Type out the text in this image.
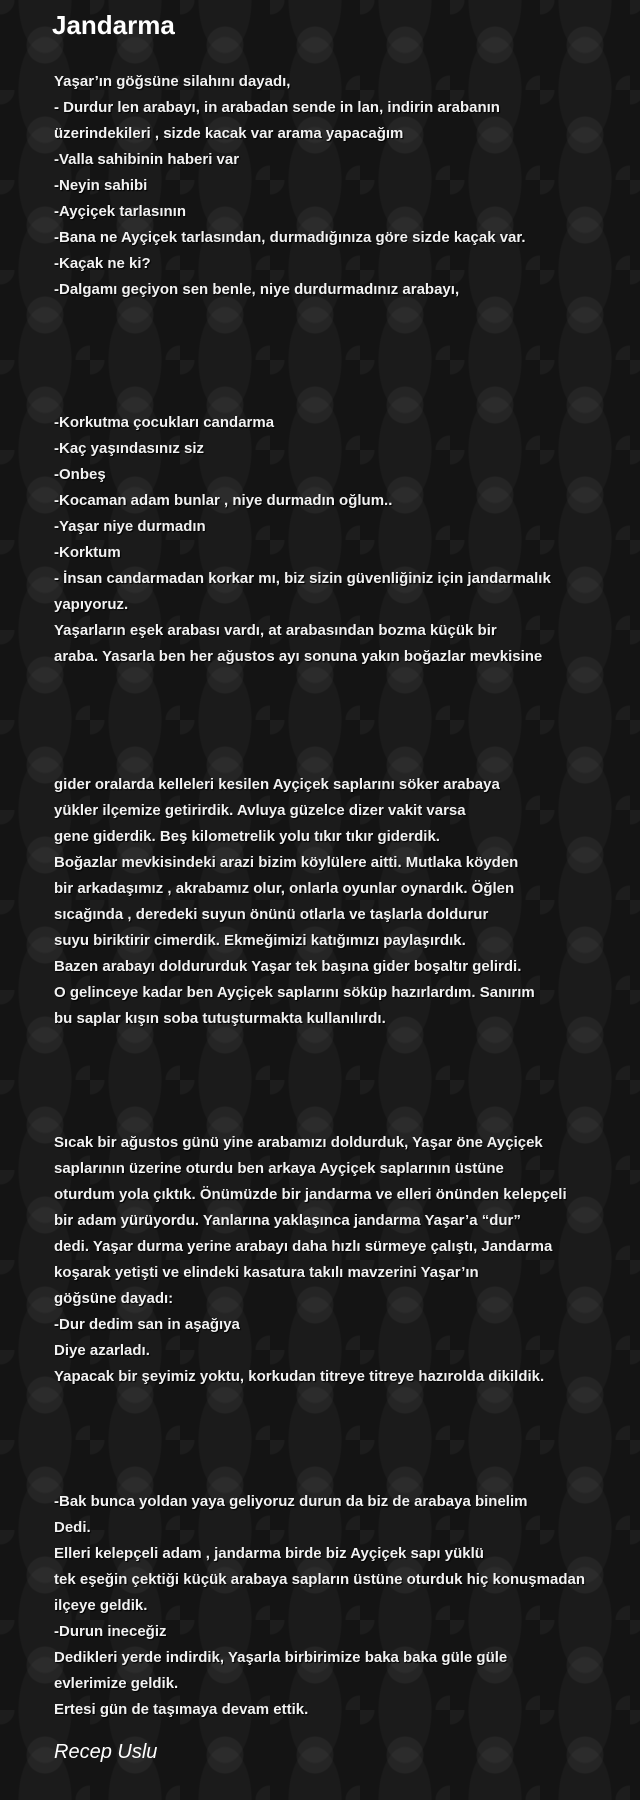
Jandarma
Yaşar’ın göğsüne silahını dayadı,
- Durdur len arabayı, in arabadan sende in lan, indirin arabanın
üzerindekileri , sizde kacak var arama yapacağım
-Valla sahibinin haberi var
-Neyin sahibi
-Ayçiçek tarlasının
-Bana ne Ayçiçek tarlasından, durmadığınıza göre sizde kaçak var.
-Kaçak ne ki?
-Dalgamı geçiyon sen benle, niye durdurmadınız arabayı,
-Korkutma çocukları candarma
-Kaç yaşındasınız siz
-Onbeş
-Kocaman adam bunlar , niye durmadın oğlum..
-Yaşar niye durmadın
-Korktum
- İnsan candarmadan korkar mı, biz sizin güvenliğiniz için jandarmalık
yapıyoruz.
Yaşarların eşek arabası vardı, at arabasından bozma küçük bir
araba. Yasarla ben her ağustos ayı sonuna yakın boğazlar mevkisine
gider oralarda kelleleri kesilen Ayçiçek saplarını söker arabaya
yükler ilçemize getirirdik. Avluya güzelce dizer vakit varsa
gene giderdik. Beş kilometrelik yolu tıkır tıkır giderdik.
Boğazlar mevkisindeki arazi bizim köylülere aitti. Mutlaka köyden
bir arkadaşımız , akrabamız olur, onlarla oyunlar oynardık. Öğlen
sıcağında , deredeki suyun önünü otlarla ve taşlarla doldurur
suyu biriktirir cimerdik. Ekmeğimizi katığımızı paylaşırdık.
Bazen arabayı doldururduk Yaşar tek başına gider boşaltır gelirdi.
O gelinceye kadar ben Ayçiçek saplarını söküp hazırlardım. Sanırım
bu saplar kışın soba tutuşturmakta kullanılırdı.
Sıcak bir ağustos günü yine arabamızı doldurduk, Yaşar öne Ayçiçek
saplarının üzerine oturdu ben arkaya Ayçiçek saplarının üstüne
oturdum yola çıktık. Önümüzde bir jandarma ve elleri önünden kelepçeli
bir adam yürüyordu. Yanlarına yaklaşınca jandarma Yaşar’a “dur”
dedi. Yaşar durma yerine arabayı daha hızlı sürmeye çalıştı, Jandarma
koşarak yetişti ve elindeki kasatura takılı mavzerini Yaşar’ın
göğsüne dayadı:
-Dur dedim san in aşağıya
Diye azarladı.
Yapacak bir şeyimiz yoktu, korkudan titreye titreye hazırolda dikildik.
-Bak bunca yoldan yaya geliyoruz durun da biz de arabaya binelim
Dedi.
Elleri kelepçeli adam , jandarma birde biz Ayçiçek sapı yüklü
tek eşeğin çektiği küçük arabaya sapların üstüne oturduk hiç konuşmadan
ilçeye geldik.
-Durun ineceğiz
Dedikleri yerde indirdik, Yaşarla birbirimize baka baka güle güle
evlerimize geldik.
Ertesi gün de taşımaya devam ettik.
Recep Uslu
